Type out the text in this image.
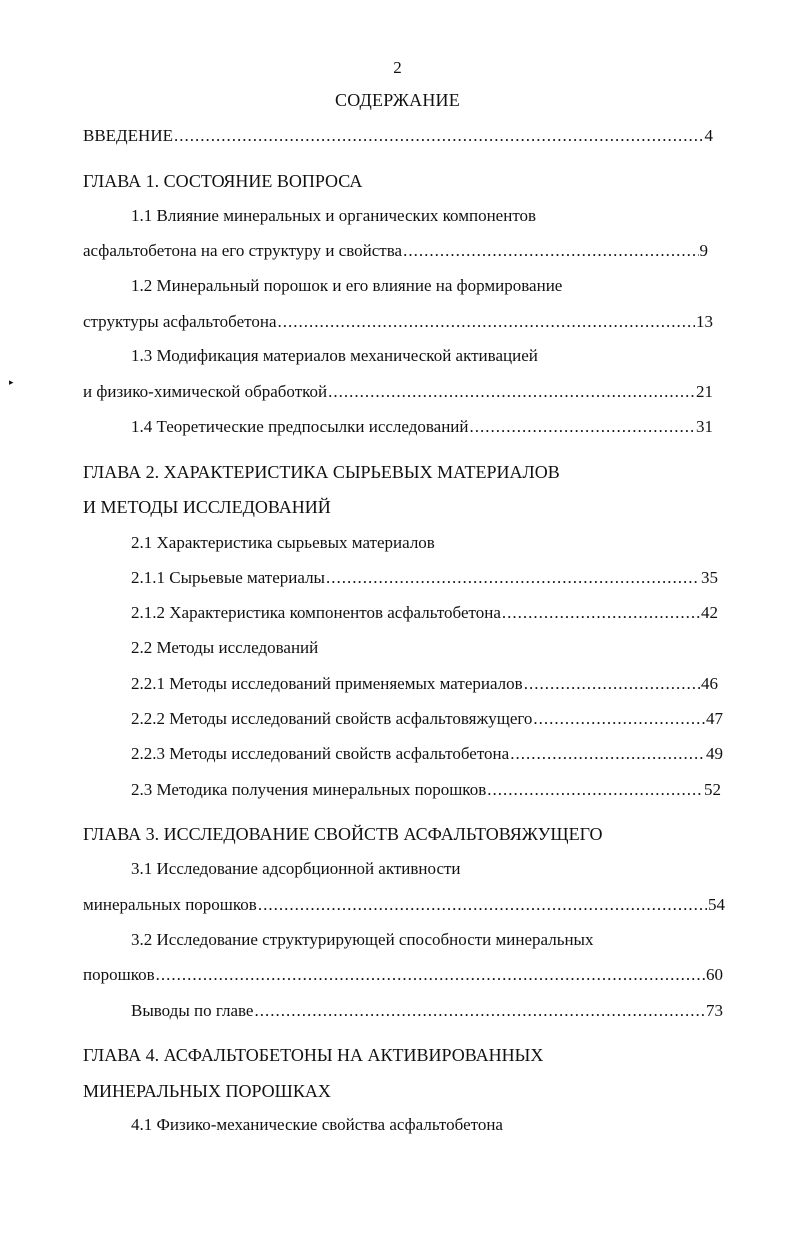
2
СОДЕРЖАНИЕ
▸
ВВЕДЕНИЕ .....	4
ГЛАВА 1. СОСТОЯНИЕ ВОПРОСА
1.1 Влияние минеральных и органических компонентов
асфальтобетона на его структуру и свойства .....	9
1.2 Минеральный порошок и его влияние на формирование
структуры асфальтобетона .....	13
1.3 Модификация материалов механической активацией
и физико-химической обработкой .....	21
1.4 Теоретические предпосылки исследований .....	31
ГЛАВА 2. ХАРАКТЕРИСТИКА СЫРЬЕВЫХ МАТЕРИАЛОВ
И МЕТОДЫ ИССЛЕДОВАНИЙ
2.1 Характеристика сырьевых материалов
2.1.1 Сырьевые материалы .....	35
2.1.2 Характеристика компонентов асфальтобетона .....	42
2.2 Методы исследований
2.2.1 Методы исследований применяемых материалов .....	46
2.2.2 Методы исследований свойств асфальтовяжущего .....	47
2.2.3 Методы исследований свойств асфальтобетона .....	49
2.3 Методика получения минеральных порошков .....	52
ГЛАВА 3. ИССЛЕДОВАНИЕ СВОЙСТВ АСФАЛЬТОВЯЖУЩЕГО
3.1 Исследование адсорбционной активности
минеральных порошков .....	54
3.2 Исследование структурирующей способности минеральных
порошков .....	60
Выводы по главе .....	73
ГЛАВА 4. АСФАЛЬТОБЕТОНЫ НА АКТИВИРОВАННЫХ
МИНЕРАЛЬНЫХ ПОРОШКАХ
4.1 Физико-механические свойства асфальтобетона
